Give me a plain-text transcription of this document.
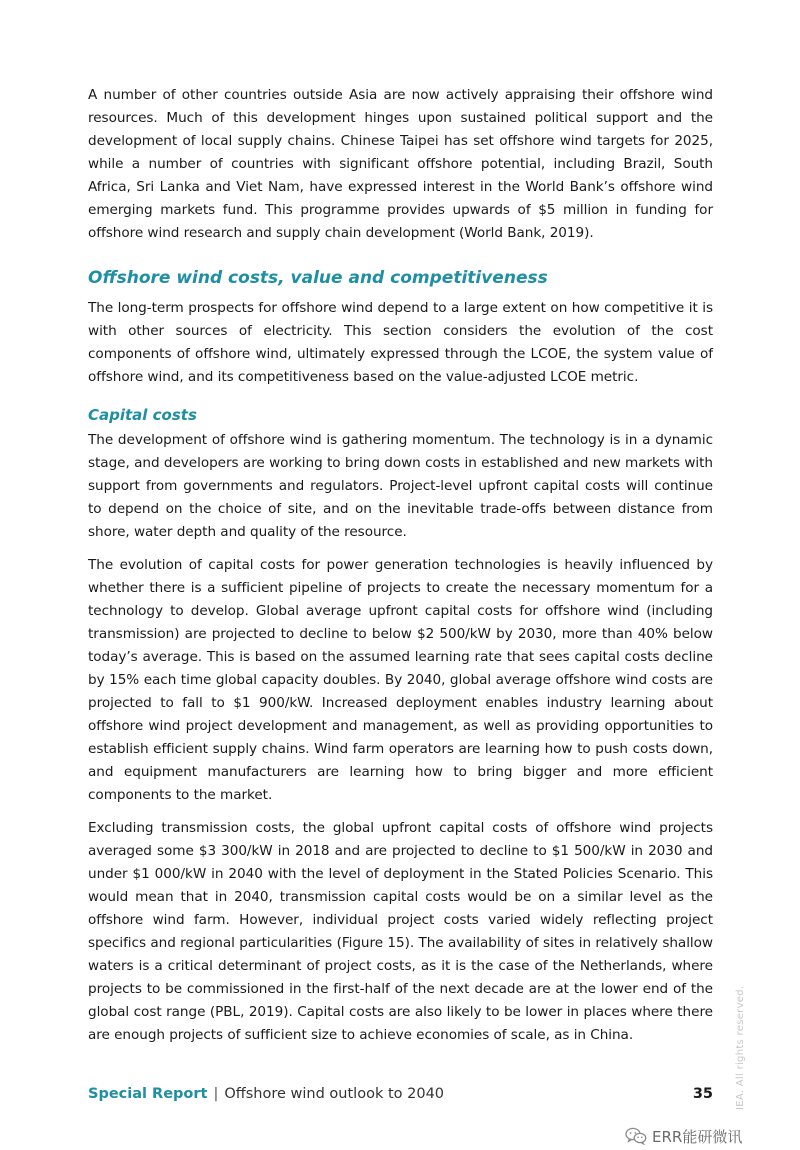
A number of other countries outside Asia are now actively appraising their offshore wind resources. Much of this development hinges upon sustained political support and the development of local supply chains. Chinese Taipei has set offshore wind targets for 2025, while a number of countries with significant offshore potential, including Brazil, South Africa, Sri Lanka and Viet Nam, have expressed interest in the World Bank’s offshore wind emerging markets fund. This programme provides upwards of $5 million in funding for offshore wind research and supply chain development (World Bank, 2019).

Offshore wind costs, value and competitiveness

The long-term prospects for offshore wind depend to a large extent on how competitive it is with other sources of electricity. This section considers the evolution of the cost components of offshore wind, ultimately expressed through the LCOE, the system value of offshore wind, and its competitiveness based on the value-adjusted LCOE metric.

Capital costs

The development of offshore wind is gathering momentum. The technology is in a dynamic stage, and developers are working to bring down costs in established and new markets with support from governments and regulators. Project-level upfront capital costs will continue to depend on the choice of site, and on the inevitable trade-offs between distance from shore, water depth and quality of the resource.

The evolution of capital costs for power generation technologies is heavily influenced by whether there is a sufficient pipeline of projects to create the necessary momentum for a technology to develop. Global average upfront capital costs for offshore wind (including transmission) are projected to decline to below $2 500/kW by 2030, more than 40% below today’s average. This is based on the assumed learning rate that sees capital costs decline by 15% each time global capacity doubles. By 2040, global average offshore wind costs are projected to fall to $1 900/kW. Increased deployment enables industry learning about offshore wind project development and management, as well as providing opportunities to establish efficient supply chains. Wind farm operators are learning how to push costs down, and equipment manufacturers are learning how to bring bigger and more efficient components to the market.

Excluding transmission costs, the global upfront capital costs of offshore wind projects averaged some $3 300/kW in 2018 and are projected to decline to $1 500/kW in 2030 and under $1 000/kW in 2040 with the level of deployment in the Stated Policies Scenario. This would mean that in 2040, transmission capital costs would be on a similar level as the offshore wind farm. However, individual project costs varied widely reflecting project specifics and regional particularities (Figure 15). The availability of sites in relatively shallow waters is a critical determinant of project costs, as it is the case of the Netherlands, where projects to be commissioned in the first-half of the next decade are at the lower end of the global cost range (PBL, 2019). Capital costs are also likely to be lower in places where there are enough projects of sufficient size to achieve economies of scale, as in China.

Special Report | Offshore wind outlook to 2040	35 IEA. All rights reserved.
ERR能研微讯
